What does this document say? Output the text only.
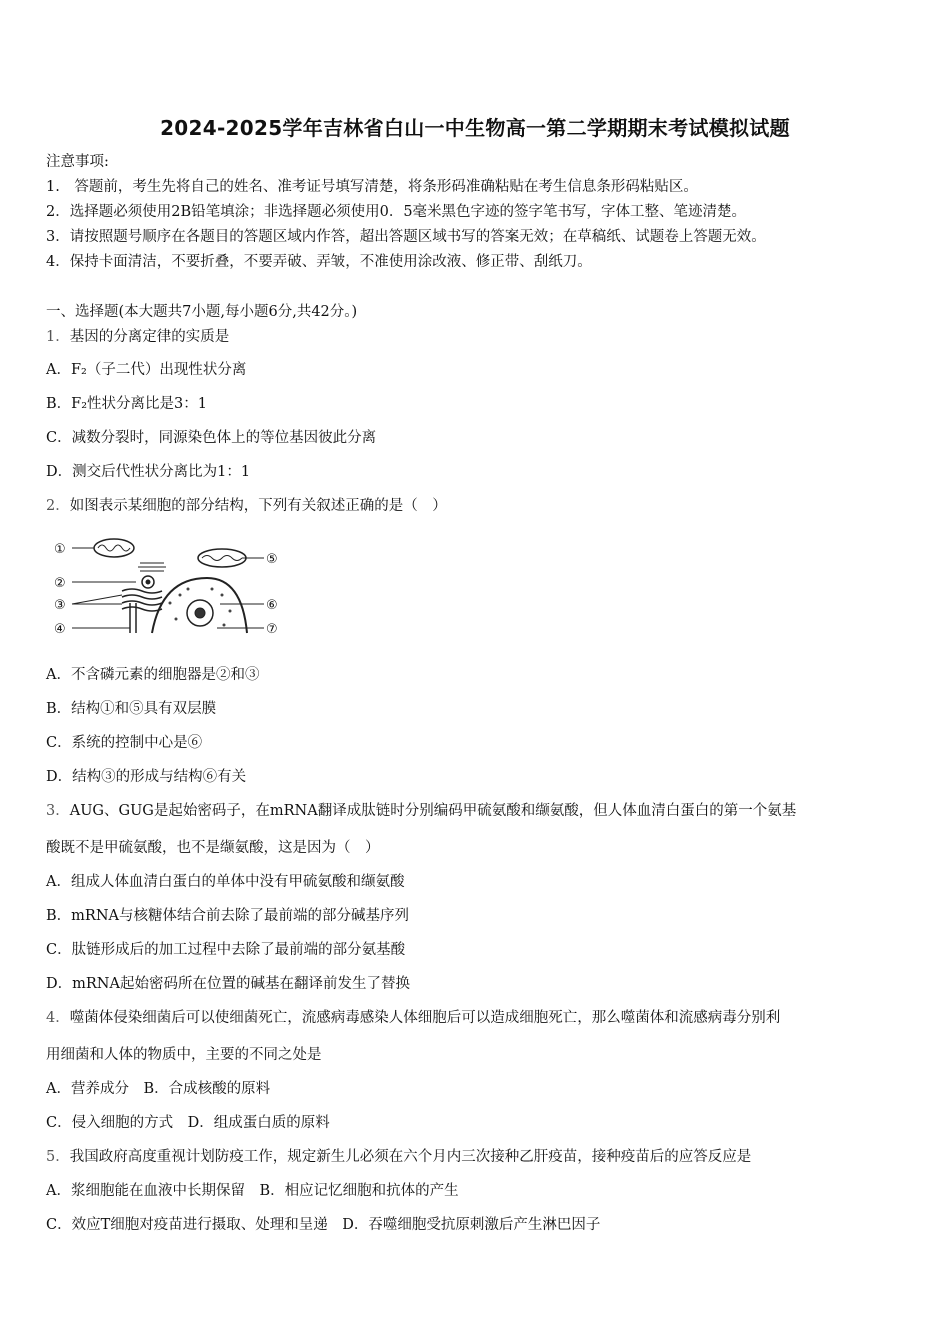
2024-2025学年吉林省白山一中生物高一第二学期期末考试模拟试题
注意事项:
1.　答题前，考生先将自己的姓名、准考证号填写清楚，将条形码准确粘贴在考生信息条形码粘贴区。
2．选择题必须使用2B铅笔填涂；非选择题必须使用0．5毫米黑色字迹的签字笔书写，字体工整、笔迹清楚。
3．请按照题号顺序在各题目的答题区域内作答，超出答题区域书写的答案无效；在草稿纸、试题卷上答题无效。
4．保持卡面清洁，不要折叠，不要弄破、弄皱，不准使用涂改液、修正带、刮纸刀。
一、选择题(本大题共7小题,每小题6分,共42分。)
1．基因的分离定律的实质是
A．F₂（子二代）出现性状分离
B．F₂性状分离比是3：1
C．减数分裂时，同源染色体上的等位基因彼此分离
D．测交后代性状分离比为1：1
2．如图表示某细胞的部分结构，下列有关叙述正确的是（　）
①
②
③
④
⑤
⑥
⑦
A．不含磷元素的细胞器是②和③
B．结构①和⑤具有双层膜
C．系统的控制中心是⑥
D．结构③的形成与结构⑥有关
3．AUG、GUG是起始密码子，在mRNA翻译成肽链时分别编码甲硫氨酸和缬氨酸，但人体血清白蛋白的第一个氨基
酸既不是甲硫氨酸，也不是缬氨酸，这是因为（　）
A．组成人体血清白蛋白的单体中没有甲硫氨酸和缬氨酸
B．mRNA与核糖体结合前去除了最前端的部分碱基序列
C．肽链形成后的加工过程中去除了最前端的部分氨基酸
D．mRNA起始密码所在位置的碱基在翻译前发生了替换
4．噬菌体侵染细菌后可以使细菌死亡，流感病毒感染人体细胞后可以造成细胞死亡，那么噬菌体和流感病毒分别利
用细菌和人体的物质中，主要的不同之处是
A．营养成分　B．合成核酸的原料
C．侵入细胞的方式　D．组成蛋白质的原料
5．我国政府高度重视计划防疫工作，规定新生儿必须在六个月内三次接种乙肝疫苗，接种疫苗后的应答反应是
A．浆细胞能在血液中长期保留　B．相应记忆细胞和抗体的产生
C．效应T细胞对疫苗进行摄取、处理和呈递　D．吞噬细胞受抗原刺激后产生淋巴因子
